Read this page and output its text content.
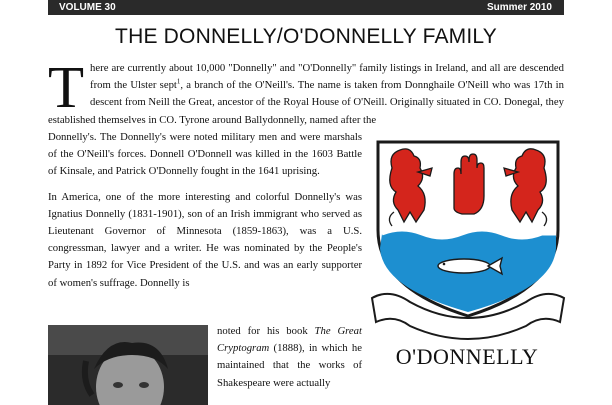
VOLUME 30	Summer 2010
THE DONNELLY/O'DONNELLY FAMILY
There are currently about 10,000 "Donnelly" and "O'Donnelly" family listings in Ireland, and all are descended from the Ulster sept$^1$, a branch of the O'Neill's. The name is taken from Donnghaile O'Neill who was 17th in descent from Neill the Great, ancestor of the Royal House of O'Neill. Originally situated in CO. Donegal, they established themselves in CO. Tyrone around Ballydonnelly, named after the

Donnelly's. The Donnelly's were noted military men and were marshals of the O'Neill's forces. Donnell O'Donnell was killed in the 1603 Battle of Kinsale, and Patrick O'Donnelly fought in the 1641 uprising.

In America, one of the more interesting and colorful Donnelly's was Ignatius Donnelly (1831-1901), son of an Irish immigrant who served as Lieutenant Governor of Minnesota (1859-1863), was a U.S. congressman, lawyer and a writer. He was nominated by the People's Party in 1892 for Vice President of the U.S. and was an early supporter of women's suffrage. Donnelly is

O'DONNELLY
noted for his book The Great Cryptogram (1888), in which he maintained that the works of Shakespeare were actually
